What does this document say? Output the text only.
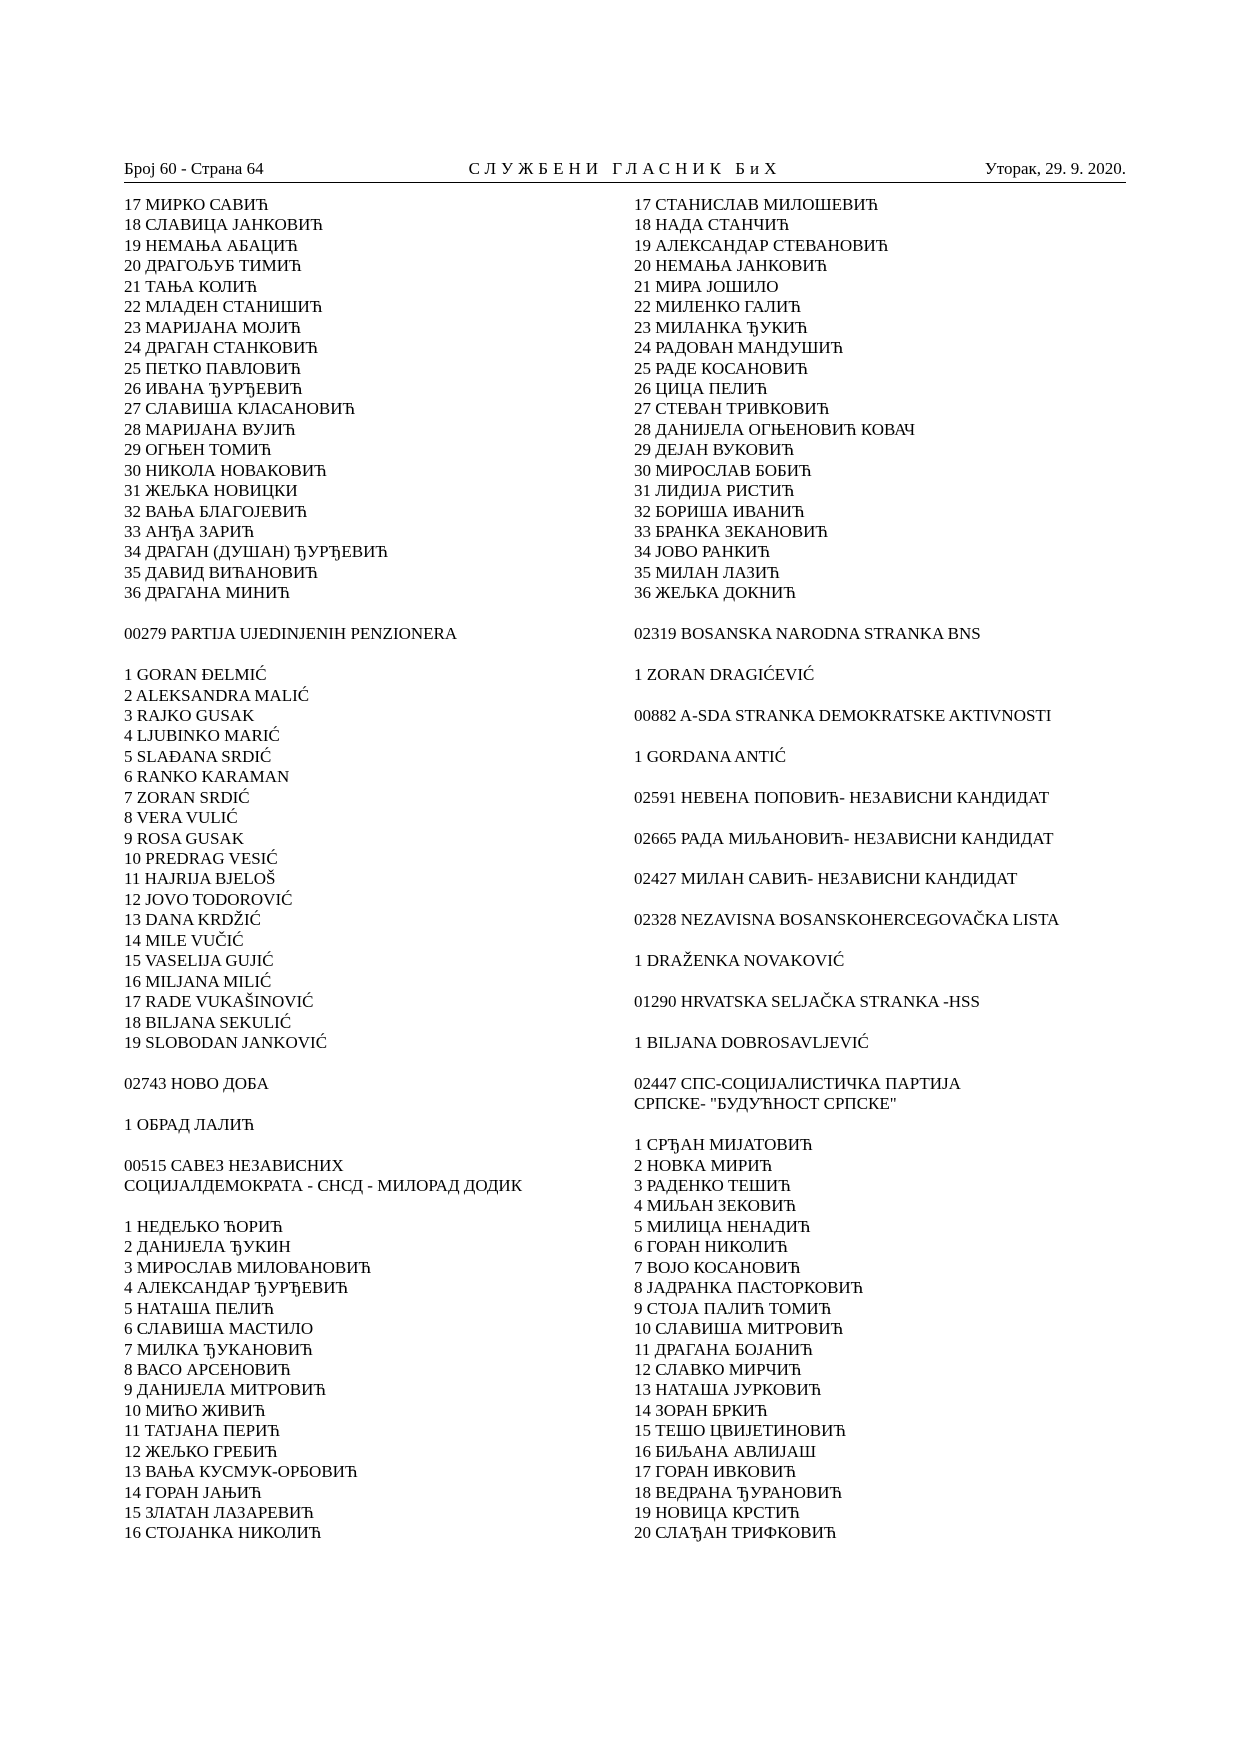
Број 60 - Страна 64	СЛУЖБЕНИ ГЛАСНИК БиХ	Уторак, 29. 9. 2020.
17 МИРКО САВИЋ
18 СЛАВИЦА ЈАНКОВИЋ
19 НЕМАЊА АБАЦИЋ
20 ДРАГОЉУБ ТИМИЋ
21 ТАЊА КОЛИЋ
22 МЛАДЕН СТАНИШИЋ
23 МАРИЈАНА МОЈИЋ
24 ДРАГАН СТАНКОВИЋ
25 ПЕТКО ПАВЛОВИЋ
26 ИВАНА ЂУРЂЕВИЋ
27 СЛАВИША КЛАСАНОВИЋ
28 МАРИЈАНА ВУЈИЋ
29 ОГЊЕН ТОМИЋ
30 НИКОЛА НОВАКОВИЋ
31 ЖЕЉКА НОВИЦКИ
32 ВАЊА БЛАГОЈЕВИЋ
33 АНЂА ЗАРИЋ
34 ДРАГАН (ДУШАН) ЂУРЂЕВИЋ
35 ДАВИД ВИЋАНОВИЋ
36 ДРАГАНА МИНИЋ
00279 PARTIJA UJEDINJENIH PENZIONERA
1 GORAN ĐELMIĆ
2 ALEKSANDRA MALIĆ
3 RAJKO GUSAK
4 LJUBINKO MARIĆ
5 SLAĐANA SRDIĆ
6 RANKO KARAMAN
7 ZORAN SRDIĆ
8 VERA VULIĆ
9 ROSA GUSAK
10 PREDRAG VESIĆ
11 HAJRIJA BJELOŠ
12 JOVO TODOROVIĆ
13 DANA KRDŽIĆ
14 MILE VUČIĆ
15 VASELIJA GUJIĆ
16 MILJANA MILIĆ
17 RADE VUKAŠINOVIĆ
18 BILJANA SEKULIĆ
19 SLOBODAN JANKOVIĆ
02743 НОВО ДОБА
1 ОБРАД ЛАЛИЋ
00515 САВЕЗ НЕЗАВИСНИХ
СОЦИЈАЛДЕМОКРАТА - СНСД - МИЛОРАД ДОДИК
1 НЕДЕЉКО ЋОРИЋ
2 ДАНИЈЕЛА ЂУКИН
3 МИРОСЛАВ МИЛОВАНОВИЋ
4 АЛЕКСАНДАР ЂУРЂЕВИЋ
5 НАТАША ПЕЛИЋ
6 СЛАВИША МАСТИЛО
7 МИЛКА ЂУКАНОВИЋ
8 ВАСО АРСЕНОВИЋ
9 ДАНИЈЕЛА МИТРОВИЋ
10 МИЋО ЖИВИЋ
11 ТАТЈАНА ПЕРИЋ
12 ЖЕЉКО ГРЕБИЋ
13 ВАЊА КУСМУК-ОРБОВИЋ
14 ГОРАН ЈАЊИЋ
15 ЗЛАТАН ЛАЗАРЕВИЋ
16 СТОЈАНКА НИКОЛИЋ
17 СТАНИСЛАВ МИЛОШЕВИЋ
18 НАДА СТАНЧИЋ
19 АЛЕКСАНДАР СТЕВАНОВИЋ
20 НЕМАЊА ЈАНКОВИЋ
21 МИРА ЈОШИЛО
22 МИЛЕНКО ГАЛИЋ
23 МИЛАНКА ЂУКИЋ
24 РАДОВАН МАНДУШИЋ
25 РАДЕ КОСАНОВИЋ
26 ЦИЦА ПЕЛИЋ
27 СТЕВАН ТРИВКОВИЋ
28 ДАНИЈЕЛА ОГЊЕНОВИЋ КОВАЧ
29 ДЕЈАН ВУКОВИЋ
30 МИРОСЛАВ БОБИЋ
31 ЛИДИЈА РИСТИЋ
32 БОРИША ИВАНИЋ
33 БРАНКА ЗЕКАНОВИЋ
34 ЈОВО РАНКИЋ
35 МИЛАН ЛАЗИЋ
36 ЖЕЉКА ДОКНИЋ
02319 BOSANSKA NARODNA STRANKA BNS
1 ZORAN DRAGIĆEVIĆ
00882 A-SDA STRANKA DEMOKRATSKE AKTIVNOSTI
1 GORDANA ANTIĆ
02591 НЕВЕНА ПОПОВИЋ- НЕЗАВИСНИ КАНДИДАТ
02665 РАДА МИЉАНОВИЋ- НЕЗАВИСНИ КАНДИДАТ
02427 МИЛАН САВИЋ- НЕЗАВИСНИ КАНДИДАТ
02328 NEZAVISNA BOSANSKOHERCEGOVAČKA LISTA
1 DRAŽENKA NOVAKOVIĆ
01290 HRVATSKA SELJAČKA STRANKA -HSS
1 BILJANA DOBROSAVLJEVIĆ
02447 СПС-СОЦИЈАЛИСТИЧКА ПАРТИЈА
СРПСКЕ- "БУДУЋНОСТ СРПСКЕ"
1 СРЂАН МИЈАТОВИЋ
2 НОВКА МИРИЋ
3 РАДЕНКО ТЕШИЋ
4 МИЉАН ЗЕКОВИЋ
5 МИЛИЦА НЕНАДИЋ
6 ГОРАН НИКОЛИЋ
7 ВОЈО КОСАНОВИЋ
8 ЈАДРАНКА ПАСТОРКОВИЋ
9 СТОЈА ПАЛИЋ ТОМИЋ
10 СЛАВИША МИТРОВИЋ
11 ДРАГАНА БОЈАНИЋ
12 СЛАВКО МИРЧИЋ
13 НАТАША ЈУРКОВИЋ
14 ЗОРАН БРКИЋ
15 ТЕШО ЦВИЈЕТИНОВИЋ
16 БИЉАНА АВЛИЈАШ
17 ГОРАН ИВКОВИЋ
18 ВЕДРАНА ЂУРАНОВИЋ
19 НОВИЦА КРСТИЋ
20 СЛАЂАН ТРИФКОВИЋ
